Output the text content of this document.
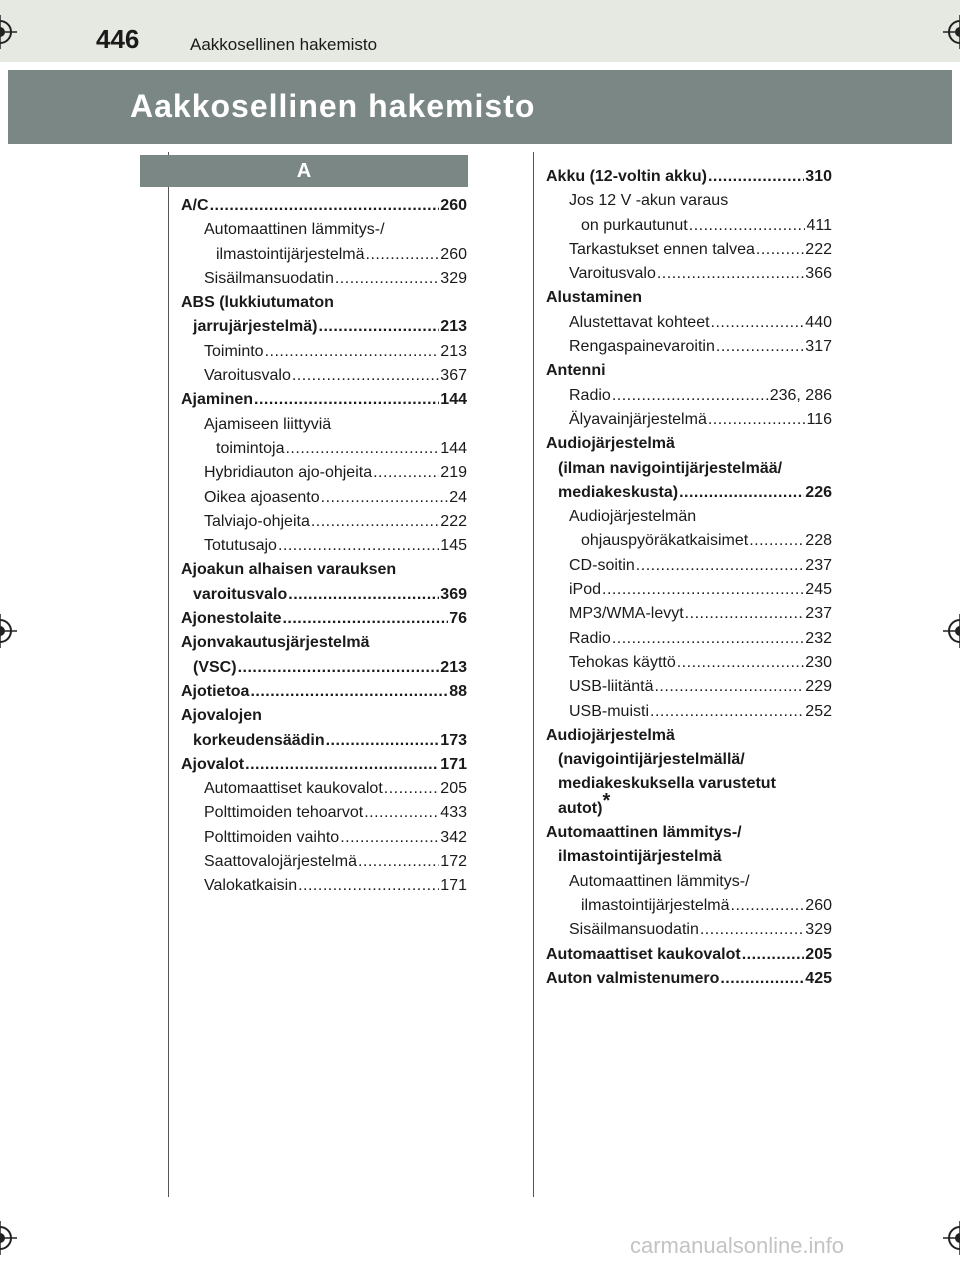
446	Aakkosellinen hakemisto
Aakkosellinen hakemisto
A
A/C .....	260
Automaattinen lämmitys-/
ilmastointijärjestelmä .....	260
Sisäilmansuodatin .....	329
ABS (lukkiutumaton
jarrujärjestelmä) .....	213
Toiminto .....	213
Varoitusvalo .....	367
Ajaminen .....	144
Ajamiseen liittyviä
toimintoja .....	144
Hybridiauton ajo-ohjeita .....	219
Oikea ajoasento .....	24
Talviajo-ohjeita .....	222
Totutusajo .....	145
Ajoakun alhaisen varauksen
varoitusvalo .....	369
Ajonestolaite .....	76
Ajonvakautusjärjestelmä
(VSC) .....	213
Ajotietoa .....	88
Ajovalojen
korkeudensäädin .....	173
Ajovalot .....	171
Automaattiset kaukovalot .....	205
Polttimoiden tehoarvot .....	433
Polttimoiden vaihto .....	342
Saattovalojärjestelmä .....	172
Valokatkaisin .....	171
Akku (12-voltin akku) .....	310
Jos 12 V -akun varaus
on purkautunut .....	411
Tarkastukset ennen talvea .....	222
Varoitusvalo .....	366
Alustaminen
Alustettavat kohteet .....	440
Rengaspainevaroitin .....	317
Antenni
Radio .....	236, 286
Älyavainjärjestelmä .....	116
Audiojärjestelmä
(ilman navigointijärjestelmää/
mediakeskusta) .....	226
Audiojärjestelmän
ohjauspyöräkatkaisimet .....	228
CD-soitin .....	237
iPod .....	245
MP3/WMA-levyt .....	237
Radio .....	232
Tehokas käyttö .....	230
USB-liitäntä .....	229
USB-muisti .....	252
Audiojärjestelmä
(navigointijärjestelmällä/
mediakeskuksella varustetut
autot)*
Automaattinen lämmitys-/
ilmastointijärjestelmä
Automaattinen lämmitys-/
ilmastointijärjestelmä .....	260
Sisäilmansuodatin .....	329
Automaattiset kaukovalot .....	205
Auton valmistenumero .....	425
carmanualsonline.info
